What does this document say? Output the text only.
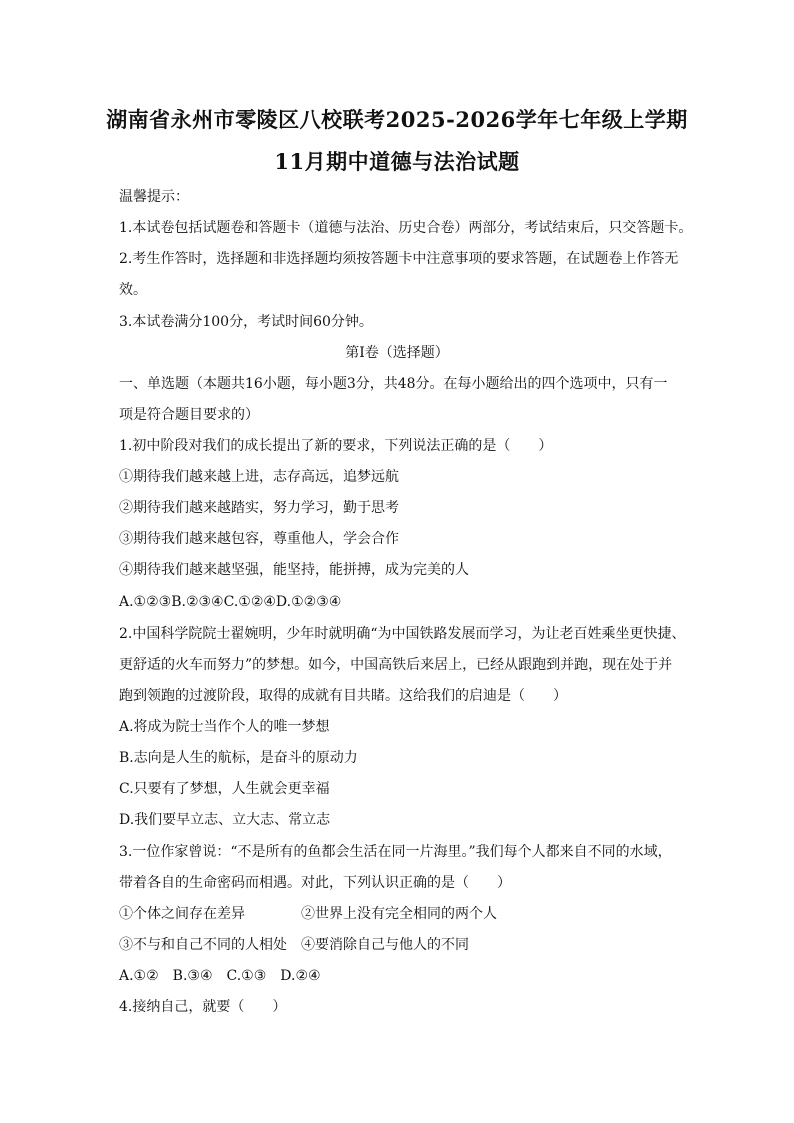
湖南省永州市零陵区八校联考2025-2026学年七年级上学期
11月期中道德与法治试题
温馨提示：
1.本试卷包括试题卷和答题卡（道德与法治、历史合卷）两部分，考试结束后，只交答题卡。
2.考生作答时，选择题和非选择题均须按答题卡中注意事项的要求答题，在试题卷上作答无
效。
3.本试卷满分100分，考试时间60分钟。
第Ⅰ卷（选择题）
一、单选题（本题共16小题，每小题3分，共48分。在每小题给出的四个选项中，只有一
项是符合题目要求的）
1.初中阶段对我们的成长提出了新的要求，下列说法正确的是（　　）
①期待我们越来越上进，志存高远，追梦远航
②期待我们越来越踏实，努力学习，勤于思考
③期待我们越来越包容，尊重他人，学会合作
④期待我们越来越坚强，能坚持，能拼搏，成为完美的人
A.①②③B.②③④C.①②④D.①②③④
2.中国科学院院士翟婉明，少年时就明确“为中国铁路发展而学习，为让老百姓乘坐更快捷、
更舒适的火车而努力”的梦想。如今，中国高铁后来居上，已经从跟跑到并跑，现在处于并
跑到领跑的过渡阶段，取得的成就有目共睹。这给我们的启迪是（　　）
A.将成为院士当作个人的唯一梦想
B.志向是人生的航标，是奋斗的原动力
C.只要有了梦想，人生就会更幸福
D.我们要早立志、立大志、常立志
3.一位作家曾说：“不是所有的鱼都会生活在同一片海里。”我们每个人都来自不同的水域，
带着各自的生命密码而相遇。对此，下列认识正确的是（　　）
①个体之间存在差异	②世界上没有完全相同的两个人
③不与和自己不同的人相处 ④要消除自己与他人的不同
A.①② B.③④ C.①③ D.②④
4.接纳自己，就要（　　）
